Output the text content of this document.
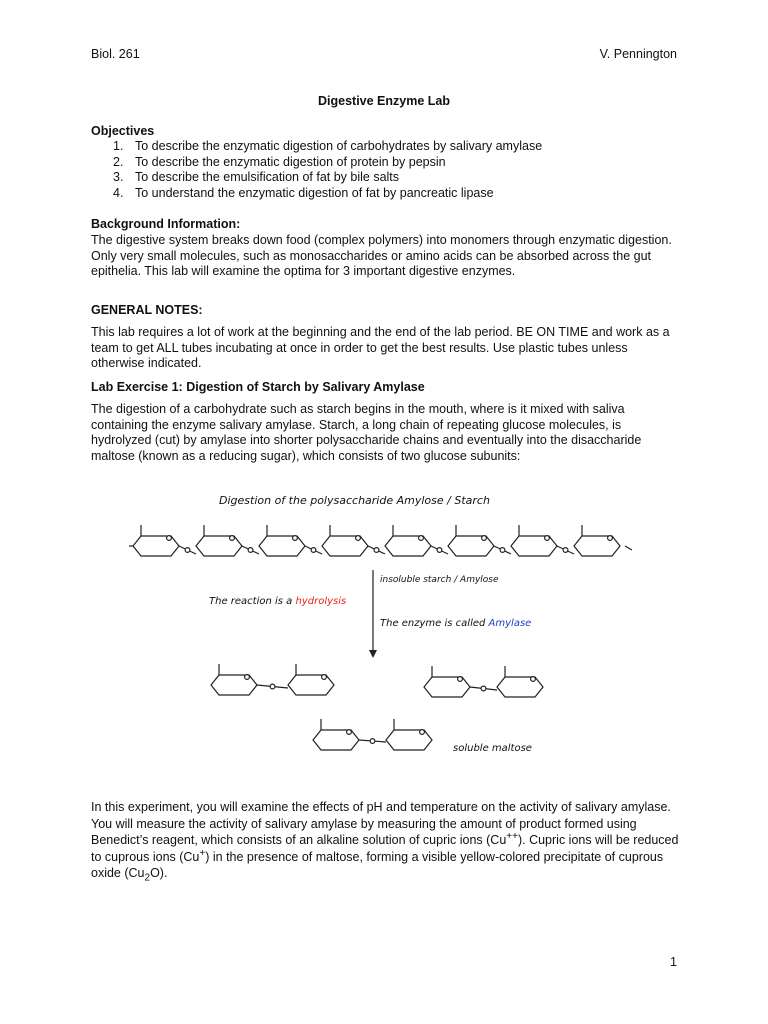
Biol. 261	V. Pennington
Digestive Enzyme Lab
Objectives
1. To describe the enzymatic digestion of carbohydrates by salivary amylase
2. To describe the enzymatic digestion of protein by pepsin
3. To describe the emulsification of fat by bile salts
4. To understand the enzymatic digestion of fat by pancreatic lipase
Background Information:
The digestive system breaks down food (complex polymers) into monomers through enzymatic digestion. Only very small molecules, such as monosaccharides or amino acids can be absorbed across the gut epithelia. This lab will examine the optima for 3 important digestive enzymes.
GENERAL NOTES:
This lab requires a lot of work at the beginning and the end of the lab period. BE ON TIME and work as a team to get ALL tubes incubating at once in order to get the best results. Use plastic tubes unless otherwise indicated.
Lab Exercise 1: Digestion of Starch by Salivary Amylase
The digestion of a carbohydrate such as starch begins in the mouth, where is it mixed with saliva containing the enzyme salivary amylase. Starch, a long chain of repeating glucose molecules, is hydrolyzed (cut) by amylase into shorter polysaccharide chains and eventually into the disaccharide maltose (known as a reducing sugar), which consists of two glucose subunits:
Digestion of the polysaccharide Amylose / Starch
insoluble starch / Amylose
The reaction is a hydrolysis
The enzyme is called Amylase
soluble maltose
In this experiment, you will examine the effects of pH and temperature on the activity of salivary amylase. You will measure the activity of salivary amylase by measuring the amount of product formed using Benedict’s reagent, which consists of an alkaline solution of cupric ions (Cu++). Cupric ions will be reduced to cuprous ions (Cu+) in the presence of maltose, forming a visible yellow-colored precipitate of cuprous oxide $(Cu_2O)$.
1
